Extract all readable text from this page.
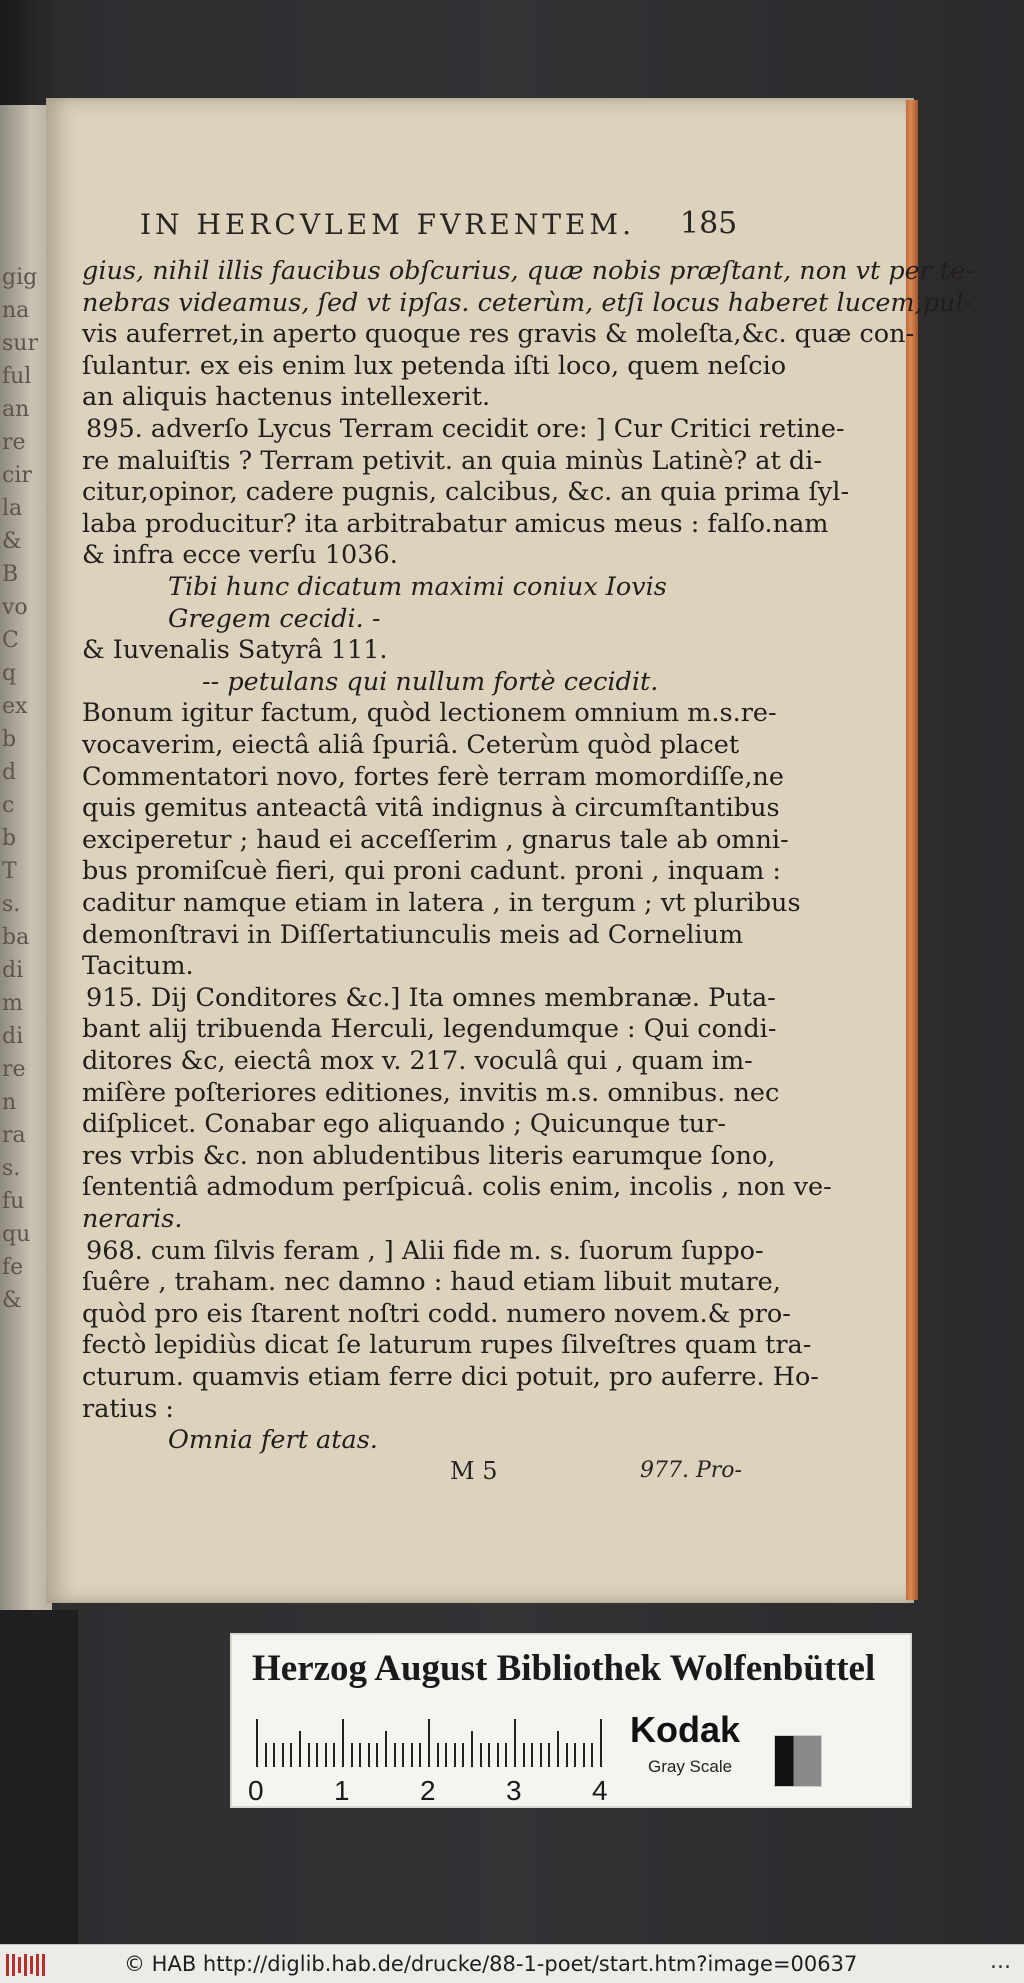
gig
na
sur
ful
an
re
cir
la
&
B
vo
C
q
ex
b
d
c
b
T
s.
ba
di
m
di
re
n
ra
s.
fu
qu
fe
&
IN HERCVLEM FVRENTEM. 185
gius, nihil illis faucibus obſcurius, quæ nobis præſtant, non vt per te-
nebras videamus, ſed vt ipſas. ceterùm, etſi locus haberet lucem,pul-
vis auferret,in aperto quoque res gravis & moleſta,&c. quæ con-
ſulantur. ex eis enim lux petenda iſti loco, quem neſcio
an aliquis hactenus intellexerit.
895. adverſo Lycus Terram cecidit ore: ] Cur Critici retine-
re maluiſtis ? Terram petivit. an quia minùs Latinè? at di-
citur,opinor, cadere pugnis, calcibus, &c. an quia prima ſyl-
laba producitur? ita arbitrabatur amicus meus : falſo.nam
& infra ecce verſu 1036.
Tibi hunc dicatum maximi coniux Iovis
Gregem cecidi. -
& Iuvenalis Satyrâ 111.
-- petulans qui nullum fortè cecidit.
Bonum igitur factum, quòd lectionem omnium m.s.re-
vocaverim, eiectâ aliâ ſpuriâ. Ceterùm quòd placet
Commentatori novo, fortes ferè terram momordiſſe,ne
quis gemitus anteactâ vitâ indignus à circumſtantibus
exciperetur ; haud ei acceſſerim , gnarus tale ab omni-
bus promiſcuè fieri, qui proni cadunt. proni , inquam :
caditur namque etiam in latera , in tergum ; vt pluribus
demonſtravi in Diſſertatiunculis meis ad Cornelium
Tacitum.
915. Dij Conditores &c.] Ita omnes membranæ. Puta-
bant alij tribuenda Herculi, legendumque : Qui condi-
ditores &c, eiectâ mox v. 217. voculâ qui , quam im-
miſère poſteriores editiones, invitis m.s. omnibus. nec
diſplicet. Conabar ego aliquando ; Quicunque tur-
res vrbis &c. non abludentibus literis earumque ſono,
ſententiâ admodum perſpicuâ. colis enim, incolis , non ve-
neraris.
968. cum ſilvis feram , ] Alii fide m. s. ſuorum ſuppo-
ſuêre , traham. nec damno : haud etiam libuit mutare,
quòd pro eis ſtarent noſtri codd. numero novem.& pro-
fectò lepidiùs dicat ſe laturum rupes ſilveſtres quam tra-
cturum. quamvis etiam ferre dici potuit, pro auferre. Ho-
ratius :
Omnia fert atas.
M 5	977. Pro-
Herzog August Bibliothek Wolfenbüttel
0	1	2	3	4
Kodak
Gray Scale
© HAB http://diglib.hab.de/drucke/88-1-poet/start.htm?image=00637	...
